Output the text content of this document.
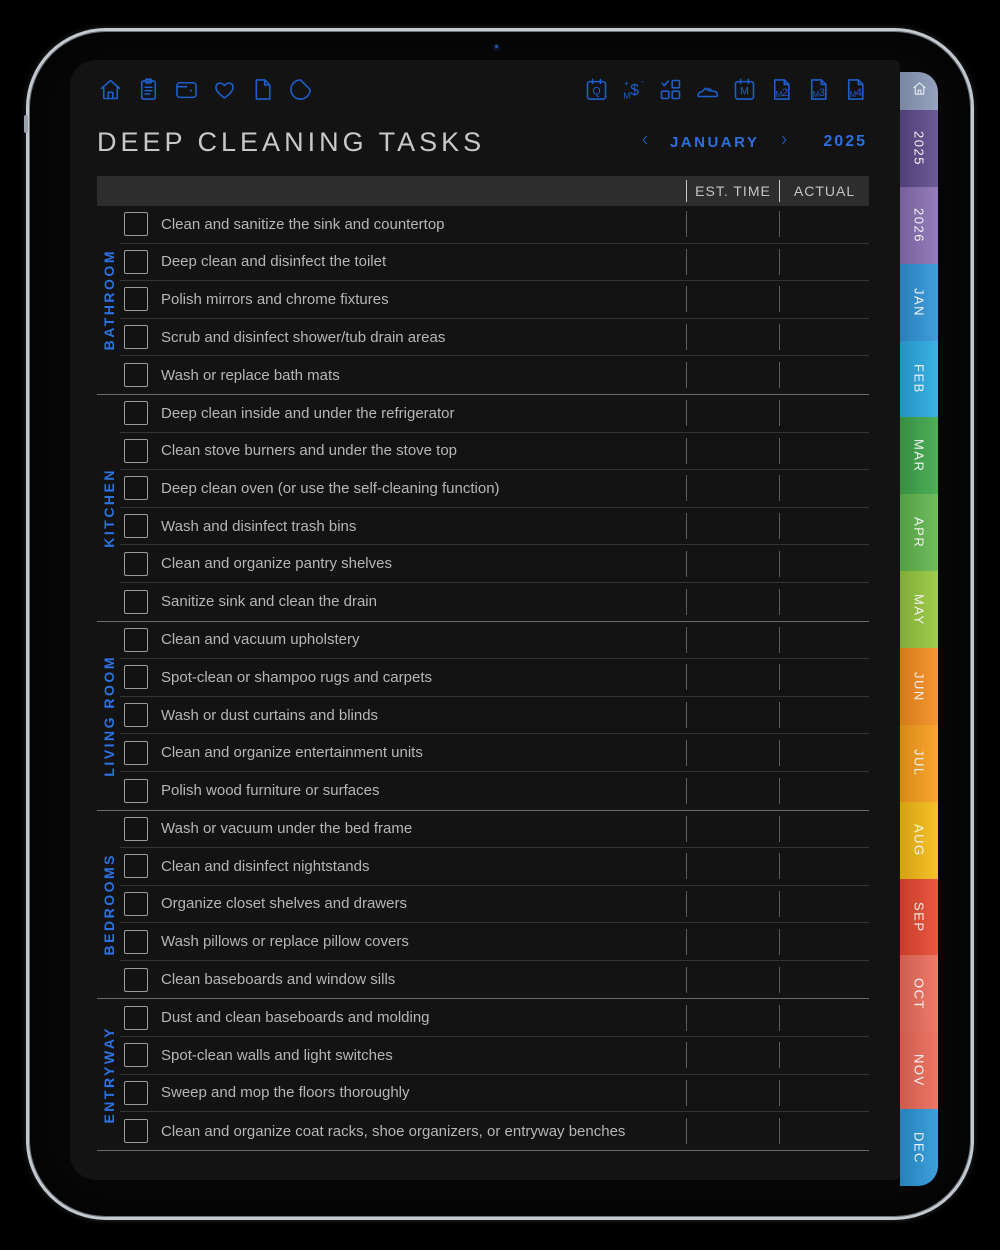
Q $
+ -
M	M	M 2	M 3	M 4
DEEP CLEANING TASKS	JANUARY	2025
EST. TIME	ACTUAL
BATHROOM
Clean and sanitize the sink and countertop
Deep clean and disinfect the toilet
Polish mirrors and chrome fixtures
Scrub and disinfect shower/tub drain areas
Wash or replace bath mats
KITCHEN
Deep clean inside and under the refrigerator
Clean stove burners and under the stove top
Deep clean oven (or use the self-cleaning function)
Wash and disinfect trash bins
Clean and organize pantry shelves
Sanitize sink and clean the drain
LIVING ROOM
Clean and vacuum upholstery
Spot-clean or shampoo rugs and carpets
Wash or dust curtains and blinds
Clean and organize entertainment units
Polish wood furniture or surfaces
BEDROOMS
Wash or vacuum under the bed frame
Clean and disinfect nightstands
Organize closet shelves and drawers
Wash pillows or replace pillow covers
Clean baseboards and window sills
ENTRYWAY
Dust and clean baseboards and molding
Spot-clean walls and light switches
Sweep and mop the floors thoroughly
Clean and organize coat racks, shoe organizers, or entryway benches
2025
2026
JAN
FEB
MAR
APR
MAY
JUN
JUL
AUG
SEP
OCT
NOV
DEC
